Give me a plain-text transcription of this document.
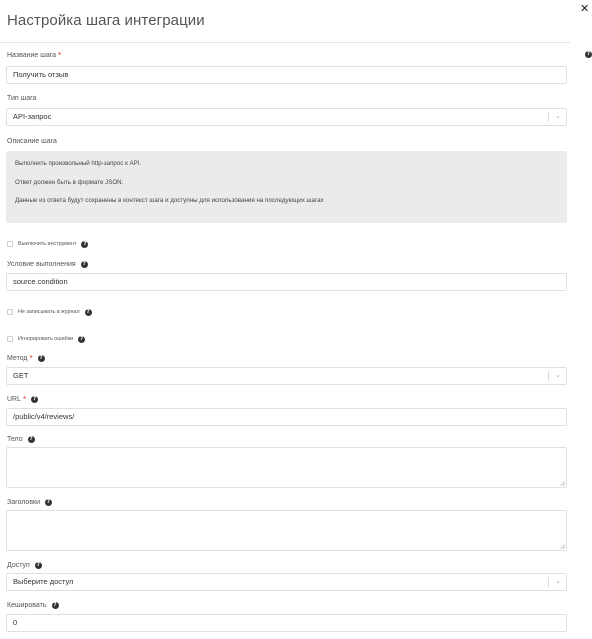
Настройка шага интеграции
✕
?
Название шага *
Получить отзыв
Тип шага
API-запрос	⌄
Описание шага
Выполнить произвольный http-запрос к API.
Ответ должен быть в формате JSON.
Данные из ответа будут сохранены в контекст шага и доступны для использования на последующих шагах
Выключить инструмент	?
Условие выполнения	?
source.condition
Не записывать в журнал	?
Игнорировать ошибки	?
Метод *	?
GET	⌄
URL *	?
/public/v4/reviews/
Тело	?
Заголовки	?
Доступ	?
Выберите доступ	⌄
Кешировать	?
0
